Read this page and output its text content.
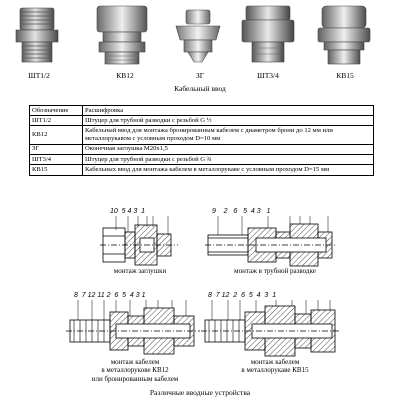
ШТ1/2	КВ12	ЗГ	ШТ3/4	КВ15
Кабельный ввод
Обозначение	Расшифровка
ШТ1/2	Штуцер для трубной разводки с резьбой G ½
КВ12	Кабельный ввод для монтажа бронированным кабелем с диаметром брони до 12 мм или металлорукавом с условным проходом D=10 мм
ЗГ	Оконечная заглушка М20х1,5
ШТ3/4	Штуцер для трубной разводки с резьбой G ¾
КВ15	Кабельных ввод для монтажа кабелем в металлорукаве с условным проходом D=15 мм
10  5 4 3  1	9    2   6   5  4 3   1
8  7 12 11 2  6  5  4 3 1	8  7 12  2  6  5  4  3  1
монтаж заглушки	монтаж в трубной разводке
монтаж кабелем
в металлорукове КВ12
или бронированным кабелем
монтаж кабелем
в металлорукаве КВ15
Различные вводные устройства
